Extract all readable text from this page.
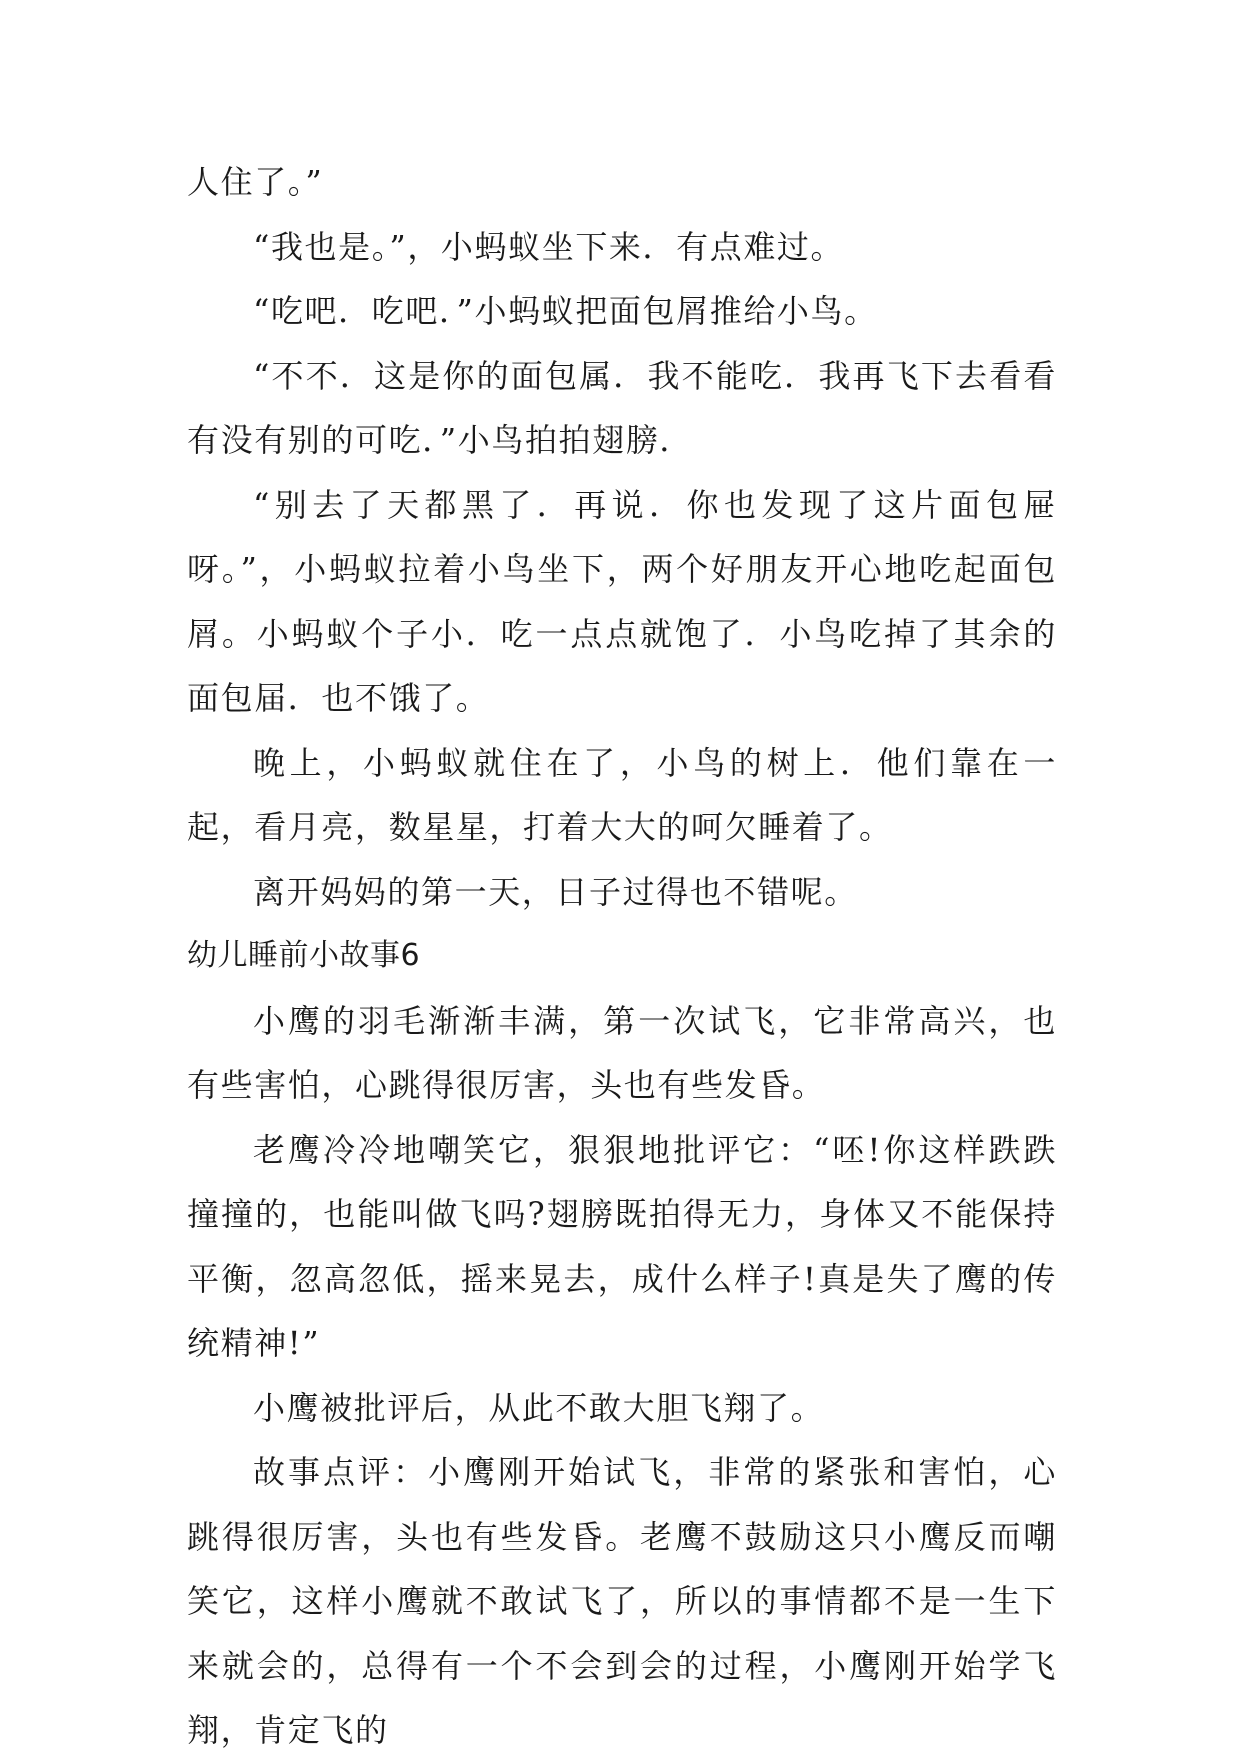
人住了。”

“我也是。”，小蚂蚁坐下来．有点难过。

“吃吧．吃吧．”小蚂蚁把面包屑推给小鸟。

“不不．这是你的面包属．我不能吃．我再飞下去看看有没有别的可吃．”小鸟拍拍翅膀．

“别去了天都黑了．再说．你也发现了这片面包屉呀。”，小蚂蚁拉着小鸟坐下，两个好朋友开心地吃起面包屑。小蚂蚁个子小．吃一点点就饱了．小鸟吃掉了其余的面包届．也不饿了。

晚上，小蚂蚁就住在了，小鸟的树上．他们靠在一起，看月亮，数星星，打着大大的呵欠睡着了。

离开妈妈的第一天，日子过得也不错呢。

幼儿睡前小故事6

小鹰的羽毛渐渐丰满，第一次试飞，它非常高兴，也有些害怕，心跳得很厉害，头也有些发昏。

老鹰冷冷地嘲笑它，狠狠地批评它：“呸!你这样跌跌撞撞的，也能叫做飞吗?翅膀既拍得无力，身体又不能保持平衡，忽高忽低，摇来晃去，成什么样子!真是失了鹰的传统精神!”

小鹰被批评后，从此不敢大胆飞翔了。

故事点评：小鹰刚开始试飞，非常的紧张和害怕，心跳得很厉害，头也有些发昏。老鹰不鼓励这只小鹰反而嘲笑它，这样小鹰就不敢试飞了，所以的事情都不是一生下来就会的，总得有一个不会到会的过程，小鹰刚开始学飞翔，肯定飞的
